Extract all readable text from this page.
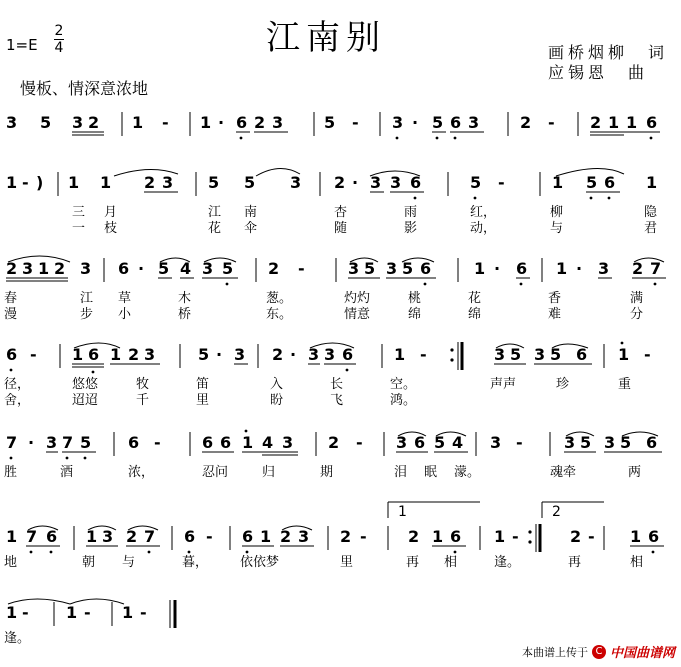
江南别
1=E
2
4
慢板、情深意浓地
画桥烟柳　词
应锡恩　曲
3 5 3 2 1 - 1 · 6 2 3	5 - 3 · 5 6 3	2 - 2 1 1 6
1 - ) 1 1 2 3 5 5 3 2 · 3 3 6	5 -	1 5 6 1
三 月	江 南	杏	雨	红，	柳	隐
一 枝	花 伞	随	影	动，	与	君
2 3 1 2 3 6 · 5 4 3 5 2 -	3 5 3 5 6	1 · 6 1 · 3 2 7
春	江 草	木	葱。	灼灼	桃	花	香	满
漫	步 小	桥	东。	情意	绵	绵	难	分
6 - 1 6 1 2 3	5 · 3 2 · 3 3 6	1 -	3 5 3 5 6 1 -
径，	悠悠	牧	笛	入	长	空。	声声	珍	重
舍，	迢迢	千	里	盼	飞	鸿。
7 · 3 7 5 6 -	6 6 1 4 3 2 - 3 6 5 4 3 -	3 5 3 5 6
胜	酒	浓，	忍问	归	期	泪 眠 濛。	魂牵	两
1	2
1 7 6 1 3 2 7 6 - 6 1 2 3 2 -	2 1 6 1 -	2 - 1 6
地	朝 与	暮， 依依梦	里	再 相	逢。	再	相
1 - 1 - 1 -
逢。
本曲谱上传于 C 中国曲谱网
